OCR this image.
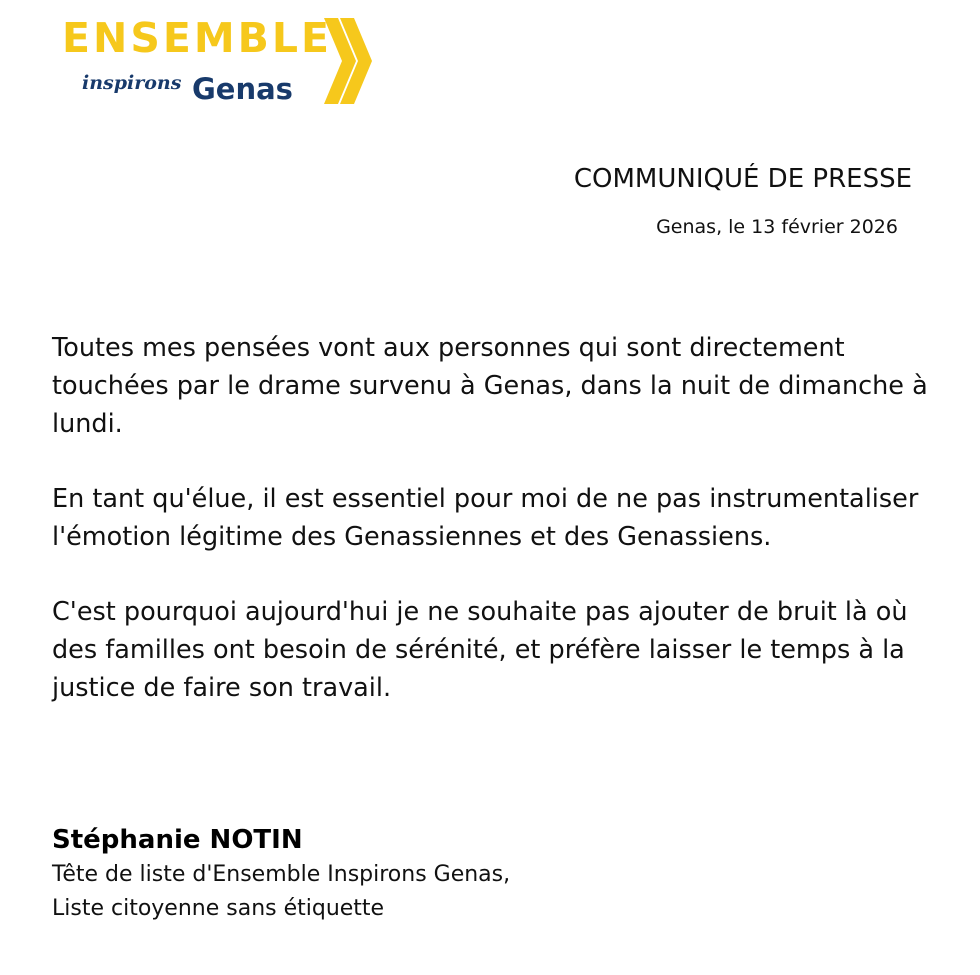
ENSEMBLE
inspirons Genas
COMMUNIQUÉ DE PRESSE
Genas, le 13 février 2026

Toutes mes pensées vont aux personnes qui sont directement touchées par le drame survenu à Genas, dans la nuit de dimanche à lundi.

En tant qu'élue, il est essentiel pour moi de ne pas instrumentaliser l'émotion légitime des Genassiennes et des Genassiens.

C'est pourquoi aujourd'hui je ne souhaite pas ajouter de bruit là où des familles ont besoin de sérénité, et préfère laisser le temps à la justice de faire son travail.

Stéphanie NOTIN
Tête de liste d'Ensemble Inspirons Genas,
Liste citoyenne sans étiquette
